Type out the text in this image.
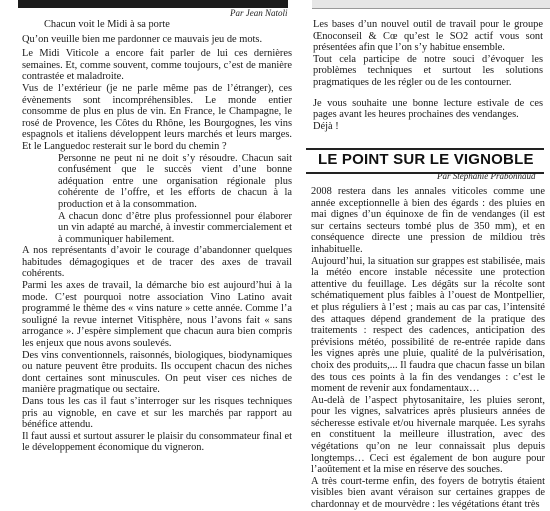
Par Jean Natoli

Chacun voit le Midi à sa porte

Qu’on veuille bien me pardonner ce mauvais jeu de mots.

Le Midi Viticole a encore fait parler de lui ces dernières semaines. Et, comme souvent, comme toujours, c’est de manière contrastée et maladroite.

Vus de l’extérieur (je ne parle même pas de l’étranger), ces évènements sont incompréhensibles. Le monde entier consomme de plus en plus de vin. En France, le Champagne, le rosé de Provence, les Côtes du Rhône, les Bourgognes, les vins espagnols et italiens développent leurs marchés et leurs marges. Et le Languedoc resterait sur le bord du chemin ?

Personne ne peut ni ne doit s’y résoudre. Chacun sait confusément que le succès vient d’une bonne adéquation entre une organisation régionale plus cohérente de l’offre, et les efforts de chacun à la production et à la consommation.

A chacun donc d’être plus professionnel pour élaborer un vin adapté au marché, à investir commercialement et à communiquer habilement.

A nos représentants d’avoir le courage d’abandonner quelques habitudes démagogiques et de tracer des axes de travail cohérents.

Parmi les axes de travail, la démarche bio est aujourd’hui à la mode. C’est pourquoi notre association Vino Latino avait programmé le thème des « vins nature » cette année. Comme l’a souligné la revue internet Vitisphère, nous l’avons fait « sans arrogance ». J’espère simplement que chacun aura bien compris les enjeux que nous avons soulevés.

Des vins conventionnels, raisonnés, biologiques, biodynamiques ou nature peuvent être produits. Ils occupent chacun des niches dont certaines sont minuscules. On peut viser ces niches de manière pragmatique ou sectaire.

Dans tous les cas il faut s’interroger sur les risques techniques pris au vignoble, en cave et sur les marchés par rapport au bénéfice attendu.

Il faut aussi et surtout assurer le plaisir du consommateur final et le développement économique du vigneron.

Les bases d’un nouvel outil de travail pour le groupe Œnoconseil & Cœ qu’est le SO2 actif vous sont présentées afin que l’on s’y habitue ensemble.

Tout cela participe de notre souci d’évoquer les problèmes techniques et surtout les solutions pragmatiques de les régler ou de les contourner.

Je vous souhaite une bonne lecture estivale de ces pages avant les heures prochaines des vendanges.

Déjà !

LE POINT SUR LE VIGNOBLE
Par Stéphanie Prabonnaud

2008 restera dans les annales viticoles comme une année exceptionnelle à bien des égards : des pluies en mai dignes d’un équinoxe de fin de vendanges (il est sur certains secteurs tombé plus de 350 mm), et en conséquence directe une pression de mildiou très inhabituelle.

Aujourd’hui, la situation sur grappes est stabilisée, mais la météo encore instable nécessite une protection attentive du feuillage. Les dégâts sur la récolte sont schématiquement plus faibles à l’ouest de Montpellier, et plus réguliers à l’est ; mais au cas par cas, l’intensité des attaques dépend grandement de la pratique des traitements : respect des cadences, anticipation des prévisions météo, possibilité de re-entrée rapide dans les vignes après une pluie, qualité de la pulvérisation, choix des produits,... Il faudra que chacun fasse un bilan des tous ces points à la fin des vendanges : c’est le moment de revenir aux fondamentaux…

Au-delà de l’aspect phytosanitaire, les pluies seront, pour les vignes, salvatrices après plusieurs années de sécheresse estivale et/ou hivernale marquée. Les syrahs en constituent la meilleure illustration, avec des végétations qu’on ne leur connaissait plus depuis longtemps… Ceci est également de bon augure pour l’aoûtement et la mise en réserve des souches.

A très court-terme enfin, des foyers de botrytis étaient visibles bien avant véraison sur certaines grappes de chardonnay et de mourvèdre : les végétations étant très
